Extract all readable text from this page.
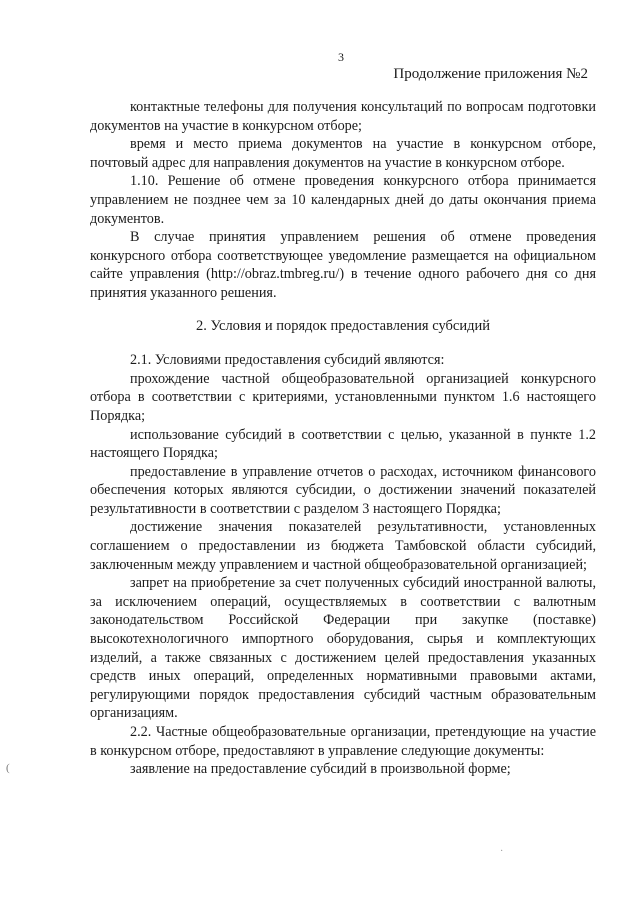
3
Продолжение приложения №2

контактные телефоны для получения консультаций по вопросам подготовки документов на участие в конкурсном отборе;

время и место приема документов на участие в конкурсном отборе, почтовый адрес для направления документов на участие в конкурсном отборе.

1.10. Решение об отмене проведения конкурсного отбора принимается управлением не позднее чем за 10 календарных дней до даты окончания приема документов.

В случае принятия управлением решения об отмене проведения конкурсного отбора соответствующее уведомление размещается на официальном сайте управления (http://obraz.tmbreg.ru/) в течение одного рабочего дня со дня принятия указанного решения.

2. Условия и порядок предоставления субсидий

2.1. Условиями предоставления субсидий являются:

прохождение частной общеобразовательной организацией конкурсного отбора в соответствии с критериями, установленными пунктом 1.6 настоящего Порядка;

использование субсидий в соответствии с целью, указанной в пункте 1.2 настоящего Порядка;

предоставление в управление отчетов о расходах, источником финансового обеспечения которых являются субсидии, о достижении значений показателей результативности в соответствии с разделом 3 настоящего Порядка;

достижение значения показателей результативности, установленных соглашением о предоставлении из бюджета Тамбовской области субсидий, заключенным между управлением и частной общеобразовательной организацией;

запрет на приобретение за счет полученных субсидий иностранной валюты, за исключением операций, осуществляемых в соответствии с валютным законодательством Российской Федерации при закупке (поставке) высокотехнологичного импортного оборудования, сырья и комплектующих изделий, а также связанных с достижением целей предоставления указанных средств иных операций, определенных нормативными правовыми актами, регулирующими порядок предоставления субсидий частным образовательным организациям.

2.2. Частные общеобразовательные организации, претендующие на участие в конкурсном отборе, предоставляют в управление следующие документы:

заявление на предоставление субсидий в произвольной форме;

(
·
